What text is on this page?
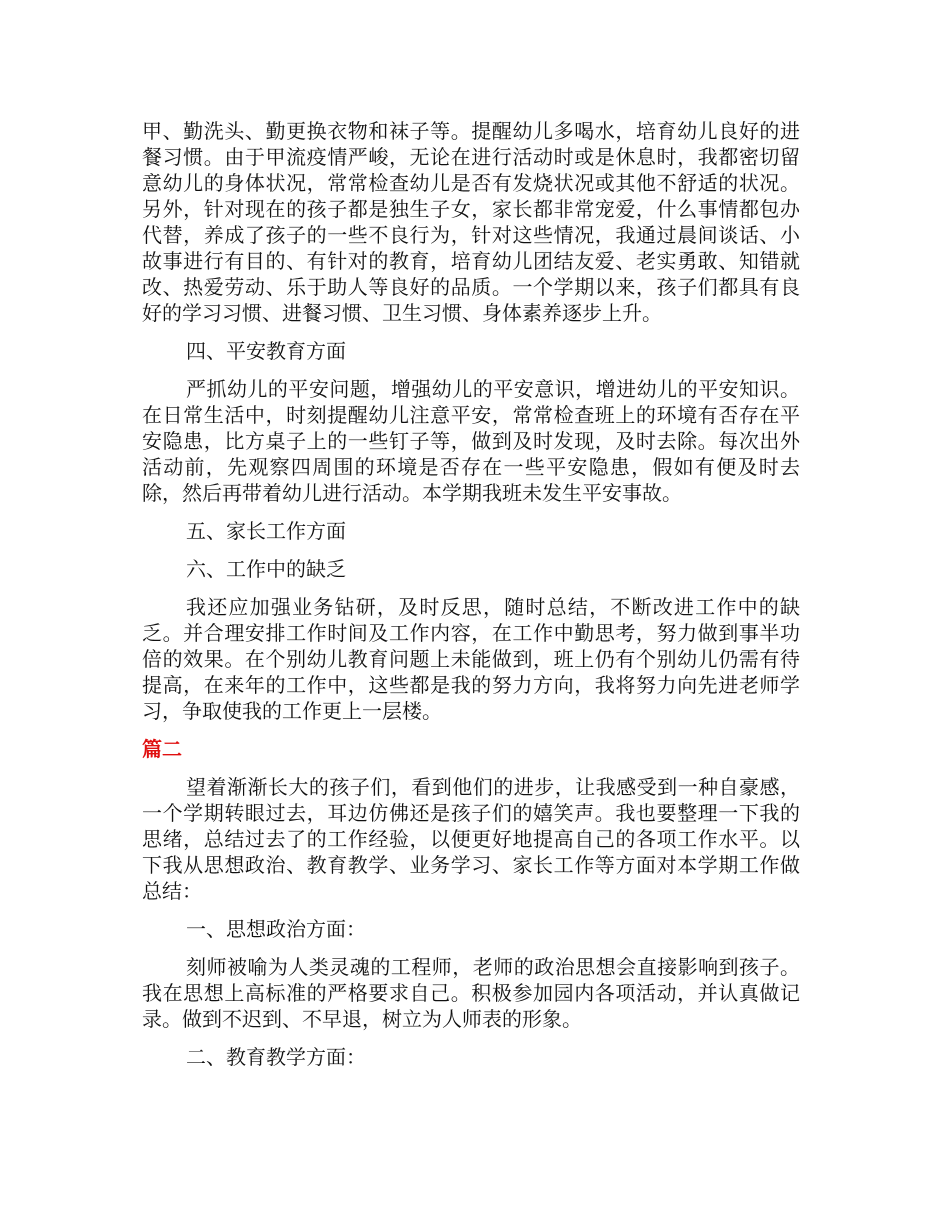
甲、勤洗头、勤更换衣物和袜子等。提醒幼儿多喝水，培育幼儿良好的进餐习惯。由于甲流疫情严峻，无论在进行活动时或是休息时，我都密切留意幼儿的身体状况，常常检查幼儿是否有发烧状况或其他不舒适的状况。另外，针对现在的孩子都是独生子女，家长都非常宠爱，什么事情都包办代替，养成了孩子的一些不良行为，针对这些情况，我通过晨间谈话、小故事进行有目的、有针对的教育，培育幼儿团结友爱、老实勇敢、知错就改、热爱劳动、乐于助人等良好的品质。一个学期以来，孩子们都具有良好的学习习惯、进餐习惯、卫生习惯、身体素养逐步上升。

四、平安教育方面

严抓幼儿的平安问题，增强幼儿的平安意识，增进幼儿的平安知识。在日常生活中，时刻提醒幼儿注意平安，常常检查班上的环境有否存在平安隐患，比方桌子上的一些钉子等，做到及时发现，及时去除。每次出外活动前，先观察四周围的环境是否存在一些平安隐患，假如有便及时去除，然后再带着幼儿进行活动。本学期我班未发生平安事故。

五、家长工作方面

六、工作中的缺乏

我还应加强业务钻研，及时反思，随时总结，不断改进工作中的缺乏。并合理安排工作时间及工作内容，在工作中勤思考，努力做到事半功倍的效果。在个别幼儿教育问题上未能做到，班上仍有个别幼儿仍需有待提高，在来年的工作中，这些都是我的努力方向，我将努力向先进老师学习，争取使我的工作更上一层楼。

篇二

望着渐渐长大的孩子们，看到他们的进步，让我感受到一种自豪感，一个学期转眼过去，耳边仿佛还是孩子们的嬉笑声。我也要整理一下我的思绪，总结过去了的工作经验，以便更好地提高自己的各项工作水平。以下我从思想政治、教育教学、业务学习、家长工作等方面对本学期工作做总结：

一、思想政治方面：

刻师被喻为人类灵魂的工程师，老师的政治思想会直接影响到孩子。我在思想上高标准的严格要求自己。积极参加园内各项活动，并认真做记录。做到不迟到、不早退，树立为人师表的形象。

二、教育教学方面：
